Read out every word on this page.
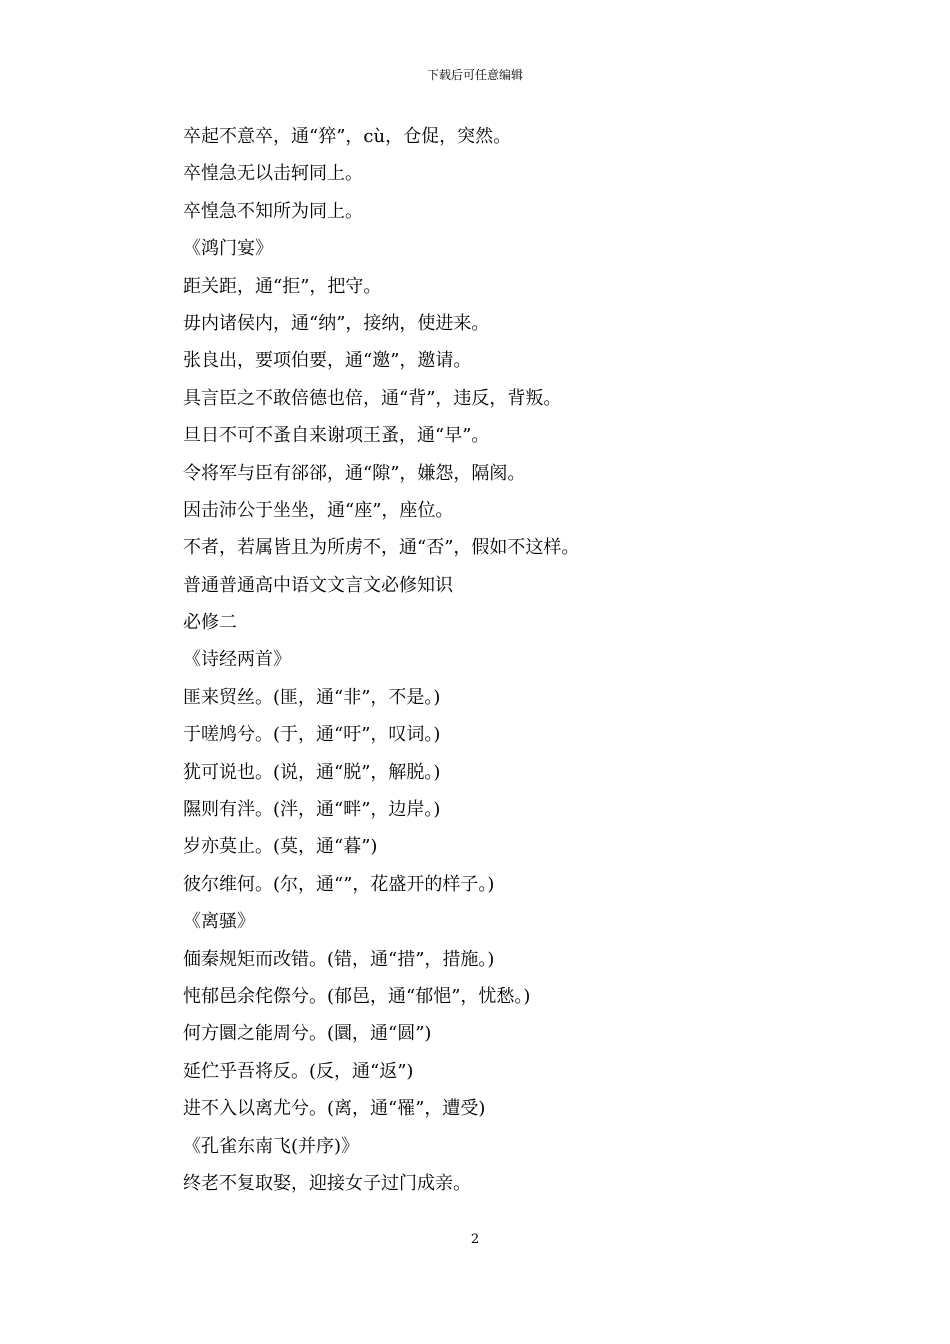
下载后可任意编辑
卒起不意卒，通“猝”，cù，仓促，突然。
卒惶急无以击轲同上。
卒惶急不知所为同上。
《鸿门宴》
距关距，通“拒”，把守。
毋内诸侯内，通“纳”，接纳，使进来。
张良出，要项伯要，通“邀”，邀请。
具言臣之不敢倍德也倍，通“背”，违反，背叛。
旦日不可不蚤自来谢项王蚤，通“早”。
令将军与臣有郤郤，通“隙”，嫌怨，隔阂。
因击沛公于坐坐，通“座”，座位。
不者，若属皆且为所虏不，通“否”，假如不这样。
普通普通高中语文文言文必修知识
必修二
《诗经两首》
匪来贸丝。(匪，通“非”，不是。)
于嗟鸠兮。(于，通“吁”，叹词。)
犹可说也。(说，通“脱”，解脱。)
隰则有泮。(泮，通“畔”，边岸。)
岁亦莫止。(莫，通“暮”)
彼尔维何。(尔，通“”，花盛开的样子。)
《离骚》
偭秦规矩而改错。(错，通“措”，措施。)
忳郁邑余侘傺兮。(郁邑，通“郁悒”，忧愁。)
何方圜之能周兮。(圜，通“圆”)
延伫乎吾将反。(反，通“返”)
进不入以离尤兮。(离，通“罹”，遭受)
《孔雀东南飞(并序)》
终老不复取娶，迎接女子过门成亲。
2
